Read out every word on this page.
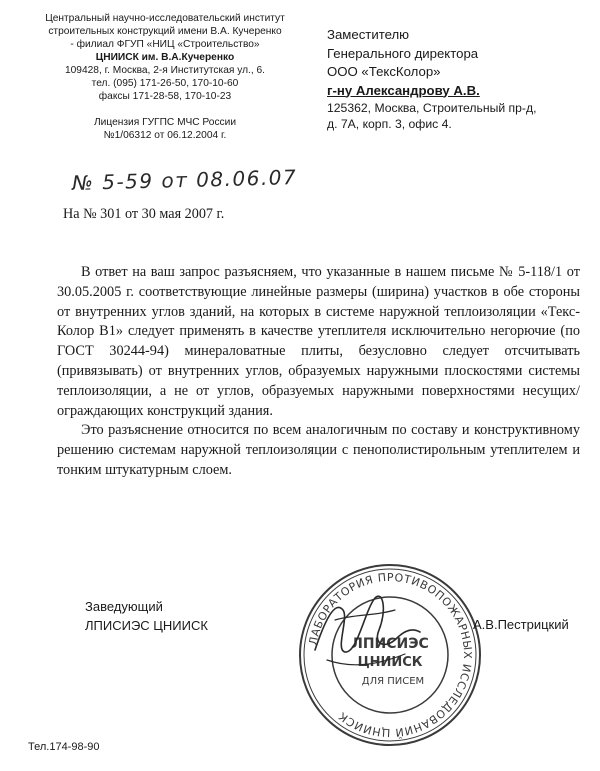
Центральный научно-исследовательский институт
строительных конструкций имени В.А. Кучеренко
- филиал ФГУП «НИЦ «Строительство»
ЦНИИСК им. В.А.Кучеренко
109428, г. Москва, 2-я Институтская ул., 6.
тел. (095) 171-26-50, 170-10-60
факсы 171-28-58, 170-10-23
Лицензия ГУГПС МЧС России
№1/06312 от 06.12.2004 г.
Заместителю
Генерального директора
ООО «ТексКолор»
г-ну Александрову А.В.
125362, Москва, Строительный пр-д,
д. 7А, корп. 3, офис 4.
№ 5-59 от 08.06.07
На № 301 от 30 мая 2007 г.

В ответ на ваш запрос разъясняем, что указанные в нашем письме № 5-118/1 от 30.05.2005 г. соответствующие линейные размеры (ширина) участков в обе стороны от внутренних углов зданий, на которых в системе наружной теплоизоляции «Текс-Колор В1» следует применять в качестве утеплителя исключительно негорючие (по ГОСТ 30244-94) минераловатные плиты, безусловно следует отсчитывать (привязывать) от внутренних углов, образуемых наружными плоскостями системы теплоизоляции, а не от углов, образуемых наружными поверхностями несущих/ограждающих конструкций здания.

Это разъяснение относится по всем аналогичным по составу и конструктивному решению системам наружной теплоизоляции с пенополистирольным утеплителем и тонким штукатурным слоем.

Заведующий
ЛПИСИЭС ЦНИИСК
ЛАБОРАТОРИЯ ПРОТИВОПОЖАРНЫХ ИССЛЕДОВАНИЙ ЦНИИСК
ЛПИСИЭС
ЦНИИСК
ДЛЯ ПИСЕМ
А.В.Пестрицкий
Тел.174-98-90
